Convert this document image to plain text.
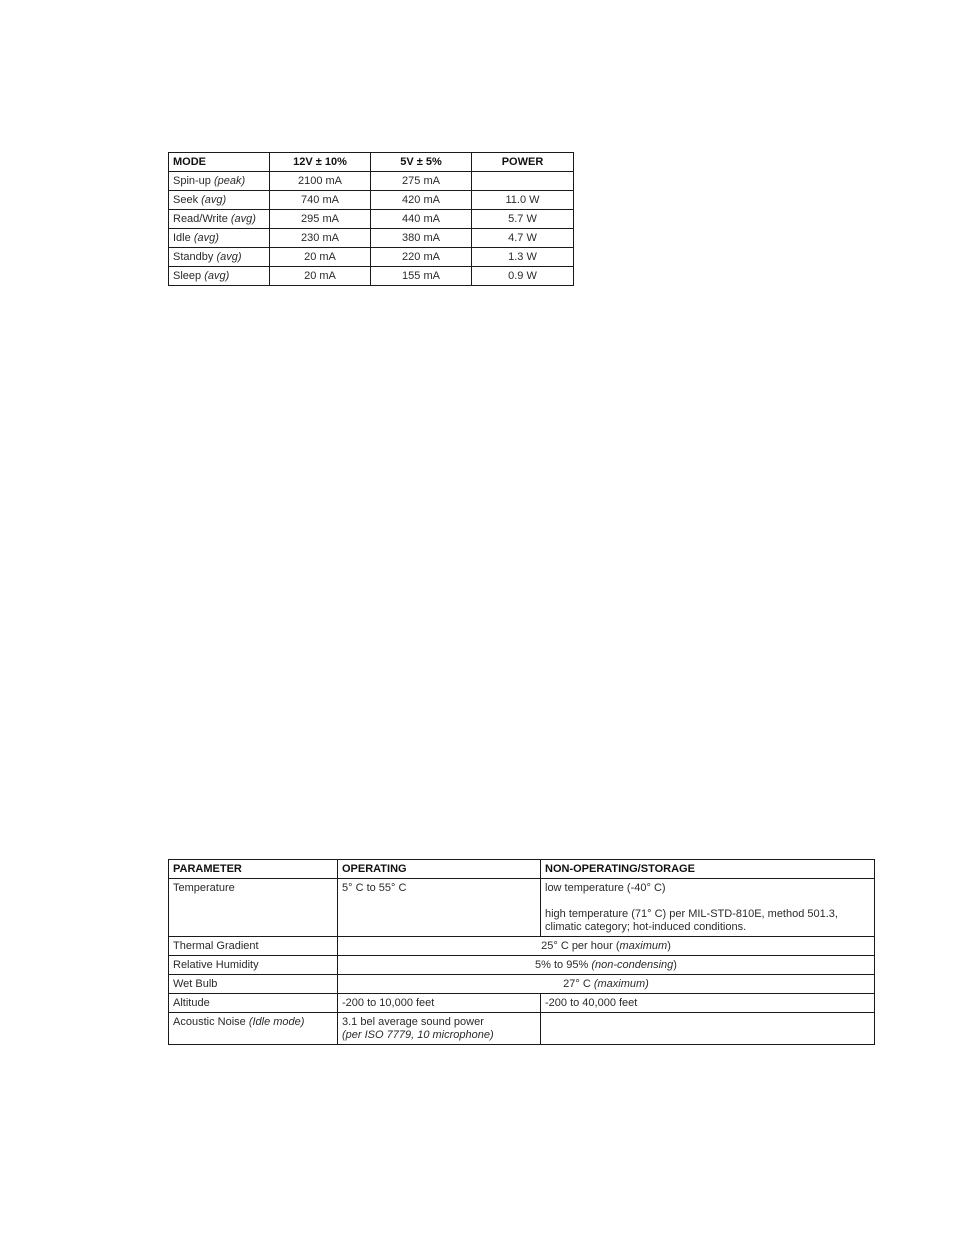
MODE	12V ± 10%	5V ± 5%	POWER
Spin-up (peak)	2100 mA	275 mA	
Seek (avg)	740 mA	420 mA	11.0 W
Read/Write (avg)	295 mA	440 mA	5.7 W
Idle (avg)	230 mA	380 mA	4.7 W
Standby (avg)	20 mA	220 mA	1.3 W
Sleep (avg)	20 mA	155 mA	0.9 W
PARAMETER	OPERATING	NON-OPERATING/STORAGE
Temperature	5° C to 55° C	low temperature (-40° C)
high temperature (71° C) per MIL-STD-810E, method 501.3, climatic category; hot-induced conditions.
Thermal Gradient	25° C per hour (maximum)	
Relative Humidity	5% to 95% (non-condensing)	
Wet Bulb	27° C (maximum)	
Altitude	-200 to 10,000 feet	-200 to 40,000 feet
Acoustic Noise (Idle mode)	3.1 bel average sound power
(per ISO 7779, 10 microphone)	
